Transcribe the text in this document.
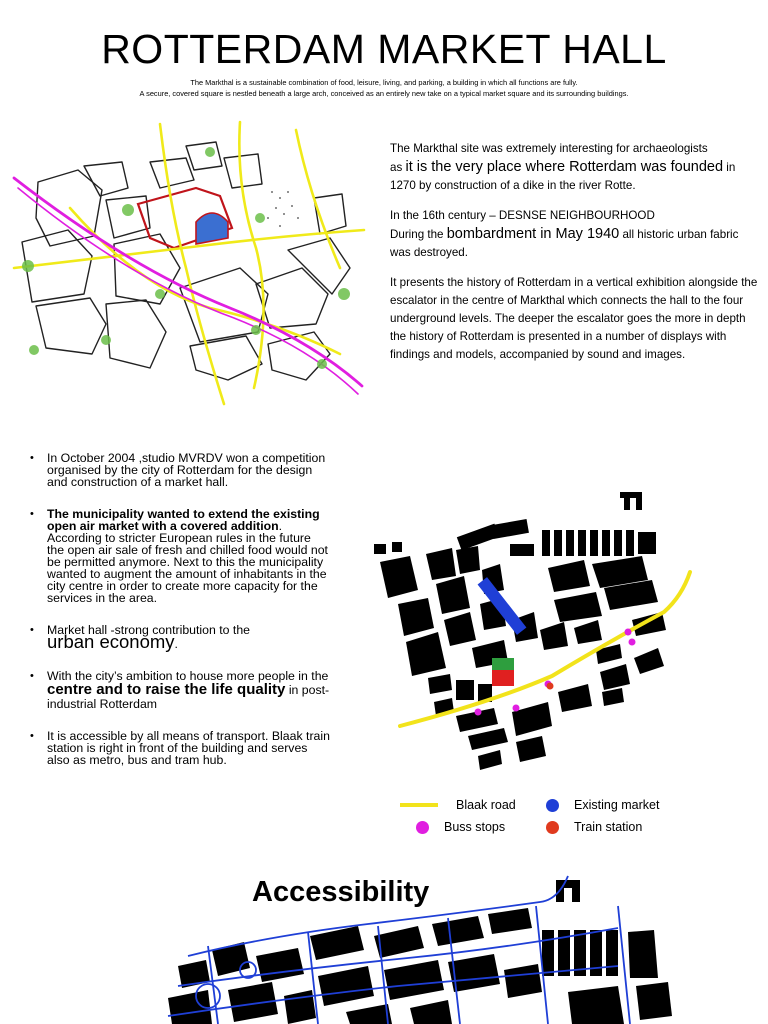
ROTTERDAM MARKET HALL
The Markthal is a sustainable combination of food, leisure, living, and parking, a building in which all functions are fully.
A secure, covered square is nestled beneath a large arch, conceived as an entirely new take on a typical market square and its surrounding buildings.

The Markthal site was extremely interesting for archaeologists
as it is the very place where Rotterdam was founded in 1270 by construction of a dike in the river Rotte.

In the 16th century – DESNSE NEIGHBOURHOOD
During the bombardment in May 1940 all historic urban fabric was destroyed.

It presents the history of Rotterdam in a vertical exhibition alongside the escalator in the centre of Markthal which connects the hall to the four underground levels. The deeper the escalator goes the more in depth the history of Rotterdam is presented in a number of displays with findings and models, accompanied by sound and images.

• In October 2004 ,studio MVRDV won a competition organised by the city of Rotterdam for the design and construction of a market hall.
• The municipality wanted to extend the existing open air market with a covered addition. According to stricter European rules in the future the open air sale of fresh and chilled food would not be permitted anymore. Next to this the municipality wanted to augment the amount of inhabitants in the city centre in order to create more capacity for the services in the area.
• Market hall -strong contribution to the
urban economy.
• With the city’s ambition to house more people in the centre and to raise the life quality in post-industrial Rotterdam
• It is accessible by all means of transport. Blaak train station is right in front of the building and serves also as metro, bus and tram hub.
Blaak road	Existing market
Buss stops	Train station
Accessibility
